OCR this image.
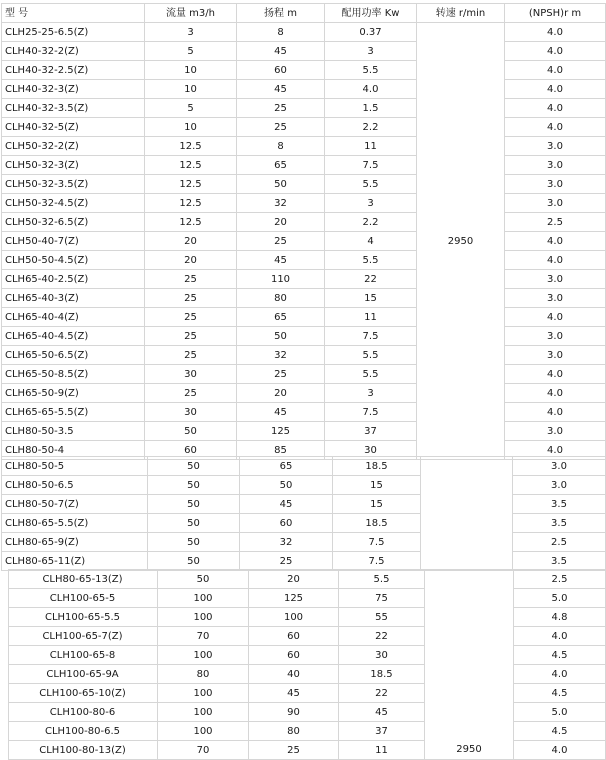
型 号	流量 m3/h	扬程 m	配用功率 Kw	转速 r/min	(NPSH)r m
CLH25-25-6.5(Z)	3	8	0.37	2950	4.0
CLH40-32-2(Z)	5	45	3		4.0
CLH40-32-2.5(Z)	10	60	5.5		4.0
CLH40-32-3(Z)	10	45	4.0		4.0
CLH40-32-3.5(Z)	5	25	1.5		4.0
CLH40-32-5(Z)	10	25	2.2		4.0
CLH50-32-2(Z)	12.5	8	11		3.0
CLH50-32-3(Z)	12.5	65	7.5		3.0
CLH50-32-3.5(Z)	12.5	50	5.5		3.0
CLH50-32-4.5(Z)	12.5	32	3		3.0
CLH50-32-6.5(Z)	12.5	20	2.2		2.5
CLH50-40-7(Z)	20	25	4		4.0
CLH50-50-4.5(Z)	20	45	5.5		4.0
CLH65-40-2.5(Z)	25	110	22		3.0
CLH65-40-3(Z)	25	80	15		3.0
CLH65-40-4(Z)	25	65	11		4.0
CLH65-40-4.5(Z)	25	50	7.5		3.0
CLH65-50-6.5(Z)	25	32	5.5		3.0
CLH65-50-8.5(Z)	30	25	5.5		4.0
CLH65-50-9(Z)	25	20	3		4.0
CLH65-65-5.5(Z)	30	45	7.5		4.0
CLH80-50-3.5	50	125	37		3.0
CLH80-50-4	60	85	30		4.0
CLH80-50-5	50	65	18.5		3.0
CLH80-50-6.5	50	50	15		3.0
CLH80-50-7(Z)	50	45	15		3.5
CLH80-65-5.5(Z)	50	60	18.5		3.5
CLH80-65-9(Z)	50	32	7.5		2.5
CLH80-65-11(Z)	50	25	7.5		3.5
CLH80-65-13(Z)	50	20	5.5	2950	2.5
CLH100-65-5	100	125	75		5.0
CLH100-65-5.5	100	100	55		4.8
CLH100-65-7(Z)	70	60	22		4.0
CLH100-65-8	100	60	30		4.5
CLH100-65-9A	80	40	18.5		4.0
CLH100-65-10(Z)	100	45	22		4.5
CLH100-80-6	100	90	45		5.0
CLH100-80-6.5	100	80	37		4.5
CLH100-80-13(Z)	70	25	11		4.0
